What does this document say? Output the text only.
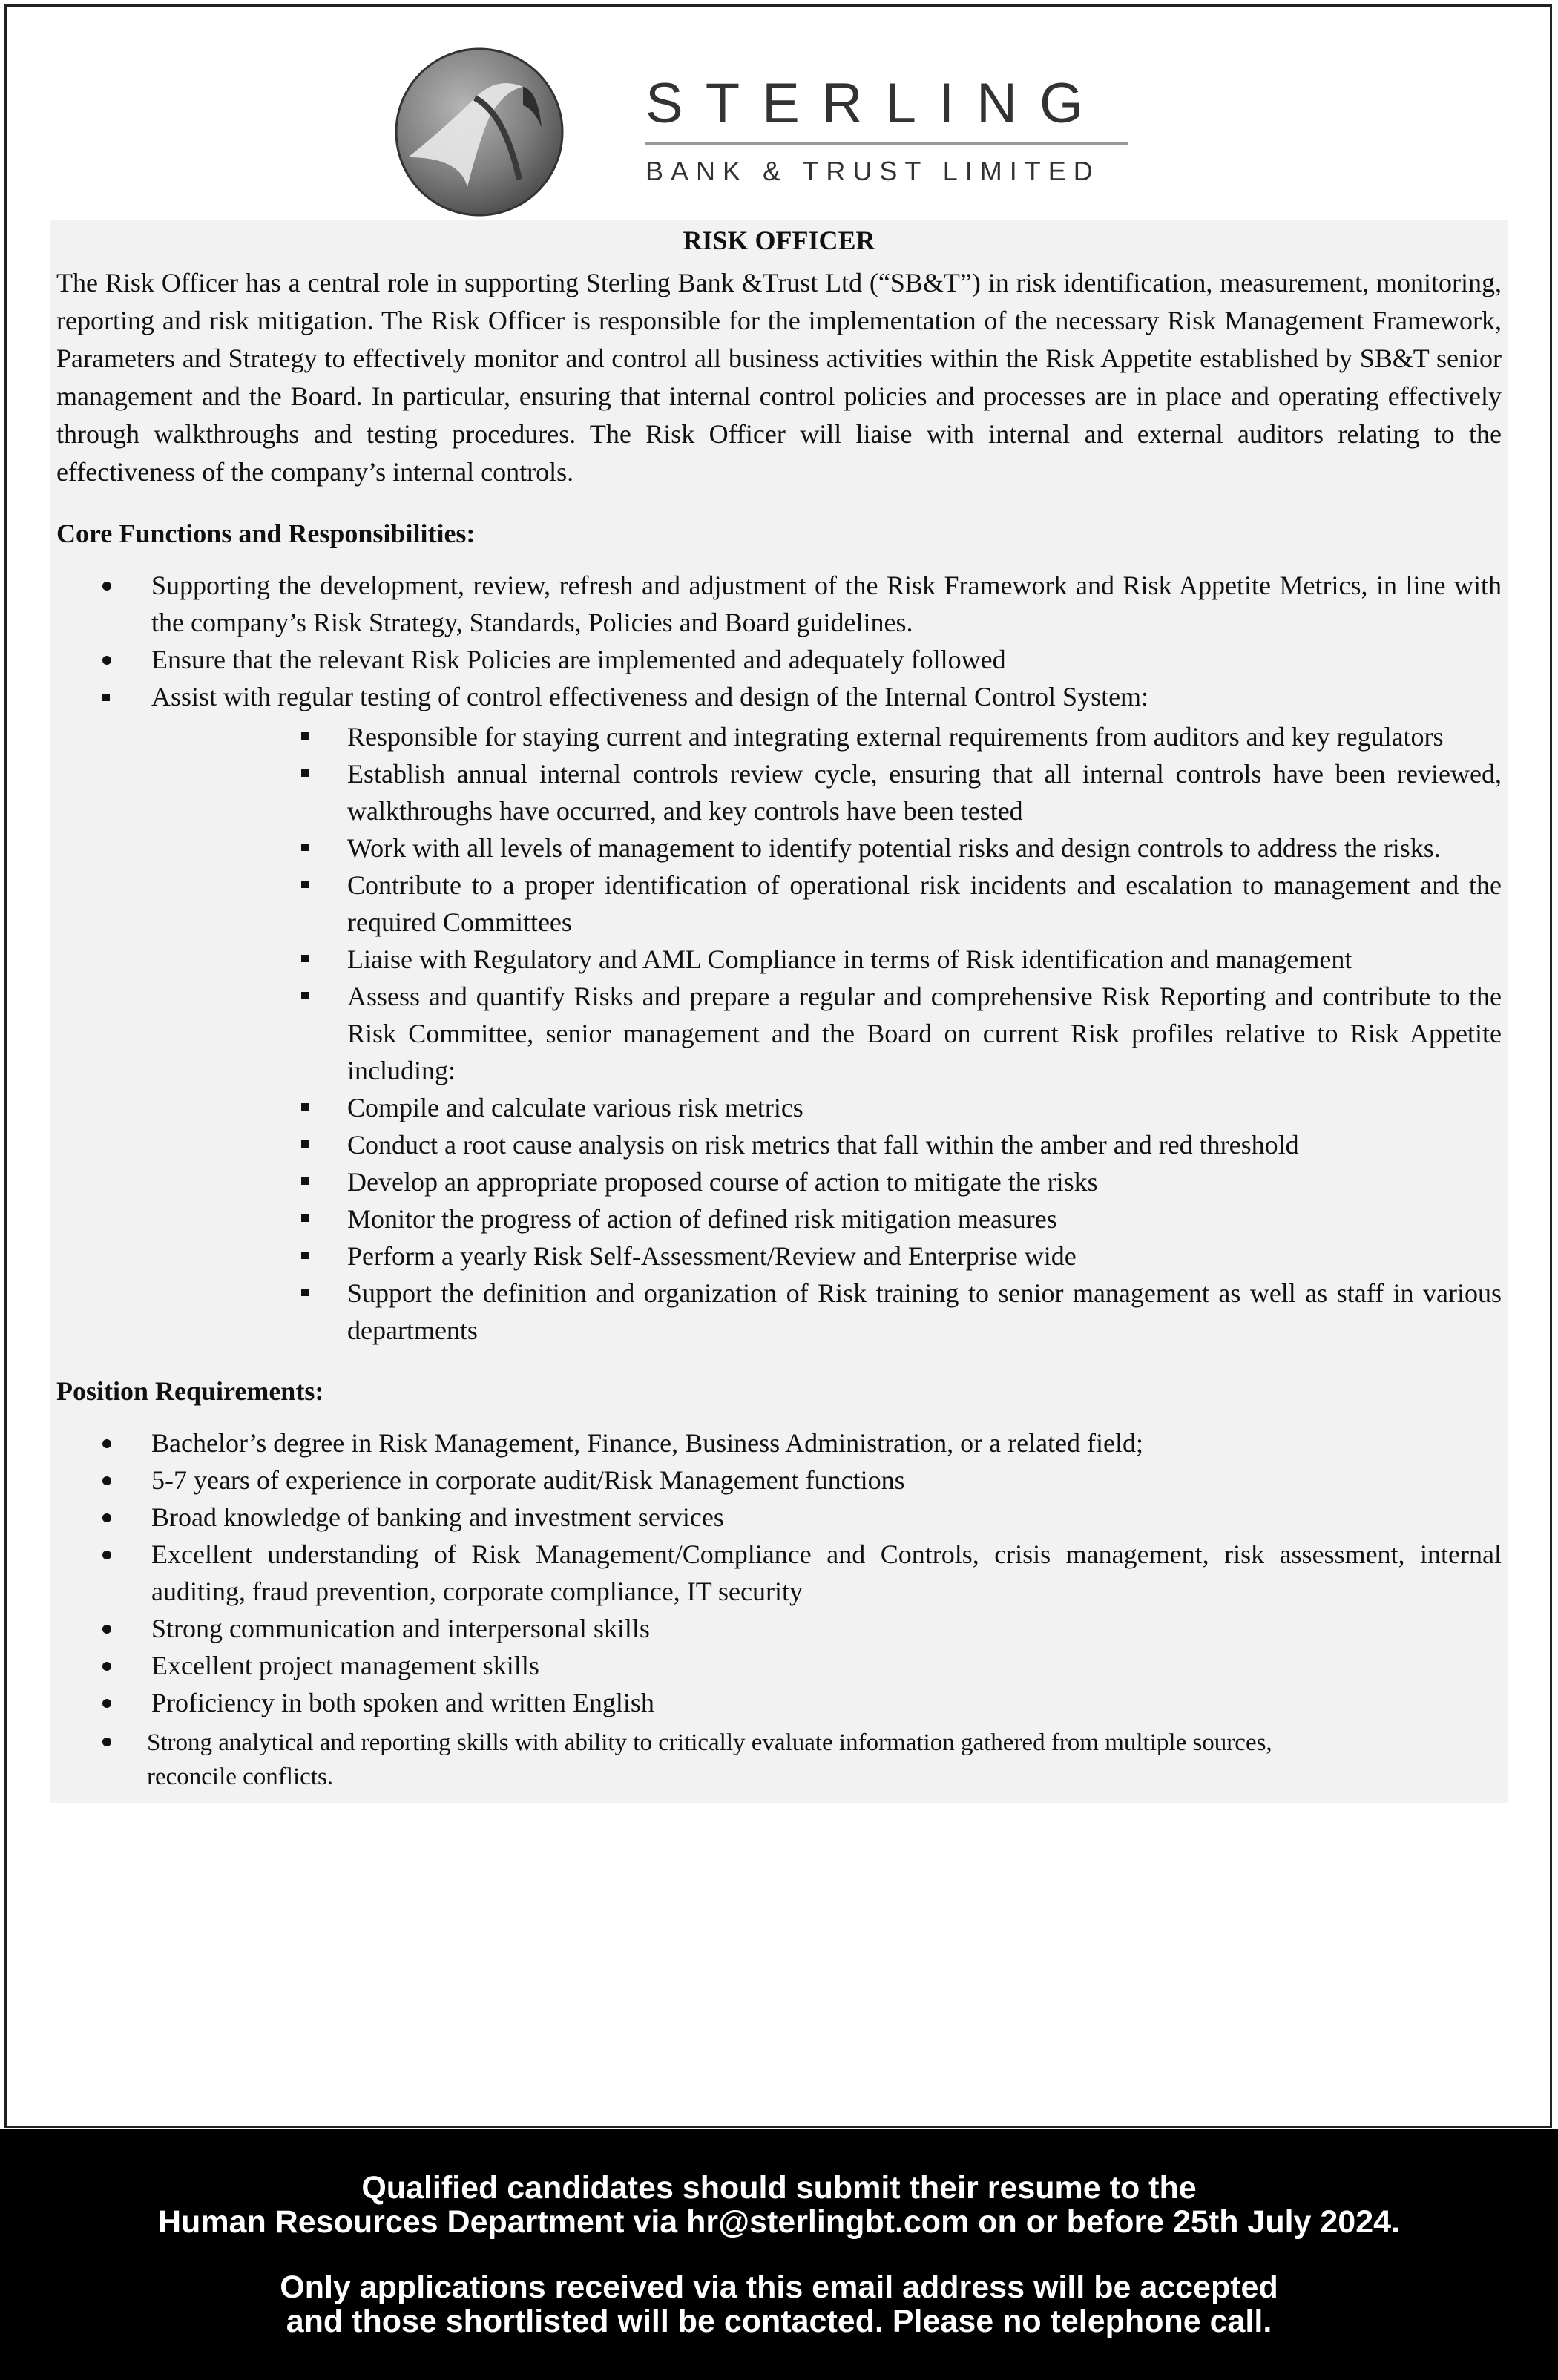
STERLING
BANK & TRUST LIMITED
RISK OFFICER

The Risk Officer has a central role in supporting Sterling Bank &Trust Ltd (“SB&T”) in risk identification, measurement, monitoring, reporting and risk mitigation. The Risk Officer is responsible for the implementation of the necessary Risk Management Framework, Parameters and Strategy to effectively monitor and control all business activities within the Risk Appetite established by SB&T senior management and the Board. In particular, ensuring that internal control policies and processes are in place and operating effectively through walkthroughs and testing procedures. The Risk Officer will liaise with internal and external auditors relating to the effectiveness of the company’s internal controls.

Core Functions and Responsibilities:
Supporting the development, review, refresh and adjustment of the Risk Framework and Risk Appetite Metrics, in line with the company’s Risk Strategy, Standards, Policies and Board guidelines.
Ensure that the relevant Risk Policies are implemented and adequately followed
Assist with regular testing of control effectiveness and design of the Internal Control System:
Responsible for staying current and integrating external requirements from auditors and key regulators
Establish annual internal controls review cycle, ensuring that all internal controls have been reviewed, walkthroughs have occurred, and key controls have been tested
Work with all levels of management to identify potential risks and design controls to address the risks.
Contribute to a proper identification of operational risk incidents and escalation to management and the required Committees
Liaise with Regulatory and AML Compliance in terms of Risk identification and management
Assess and quantify Risks and prepare a regular and comprehensive Risk Reporting and contribute to the Risk Committee, senior management and the Board on current Risk profiles relative to Risk Appetite including:
Compile and calculate various risk metrics
Conduct a root cause analysis on risk metrics that fall within the amber and red threshold
Develop an appropriate proposed course of action to mitigate the risks
Monitor the progress of action of defined risk mitigation measures
Perform a yearly Risk Self-Assessment/Review and Enterprise wide
Support the definition and organization of Risk training to senior management as well as staff in various departments
Position Requirements:
Bachelor’s degree in Risk Management, Finance, Business Administration, or a related field;
5-7 years of experience in corporate audit/Risk Management functions
Broad knowledge of banking and investment services
Excellent understanding of Risk Management/Compliance and Controls, crisis management, risk assessment, internal auditing, fraud prevention, corporate compliance, IT security
Strong communication and interpersonal skills
Excellent project management skills
Proficiency in both spoken and written English
Strong analytical and reporting skills with ability to critically evaluate information gathered from multiple sources, reconcile conflicts.

Qualified candidates should submit their resume to the

Human Resources Department via hr@sterlingbt.com on or before 25th July 2024.

Only applications received via this email address will be accepted

and those shortlisted will be contacted. Please no telephone call.
